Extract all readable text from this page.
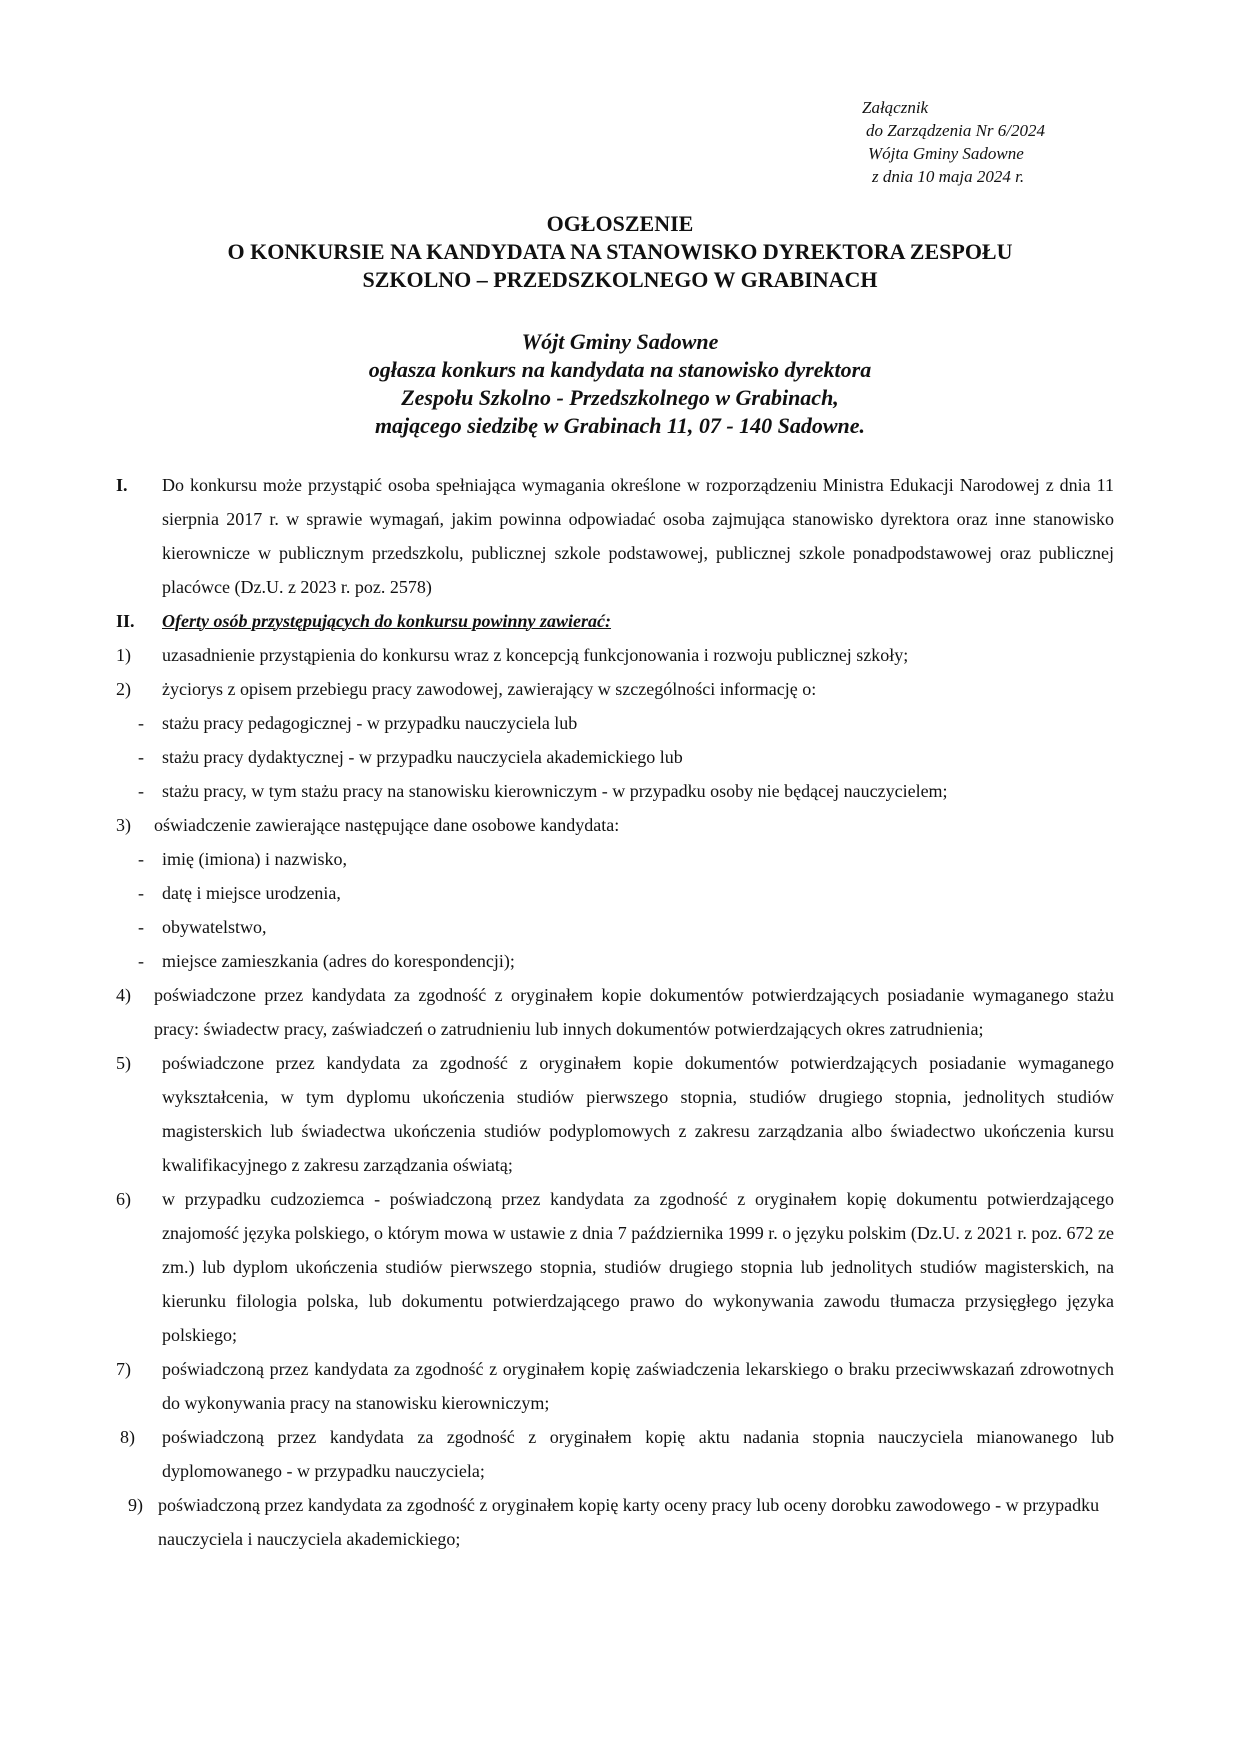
Załącznik
do Zarządzenia Nr 6/2024
Wójta Gminy Sadowne
z dnia 10 maja 2024 r.
OGŁOSZENIE
O KONKURSIE NA KANDYDATA NA STANOWISKO DYREKTORA ZESPOŁU
SZKOLNO – PRZEDSZKOLNEGO W GRABINACH
Wójt Gminy Sadowne
ogłasza konkurs na kandydata na stanowisko dyrektora
Zespołu Szkolno - Przedszkolnego w Grabinach,
mającego siedzibę w Grabinach 11, 07 - 140 Sadowne.
I.	Do konkursu może przystąpić osoba spełniająca wymagania określone w rozporządzeniu Ministra Edukacji Narodowej z dnia 11 sierpnia 2017 r. w sprawie wymagań, jakim powinna odpowiadać osoba zajmująca stanowisko dyrektora oraz inne stanowisko kierownicze w publicznym przedszkolu, publicznej szkole podstawowej, publicznej szkole ponadpodstawowej oraz publicznej placówce (Dz.U. z 2023 r. poz. 2578)
II.	Oferty osób przystępujących do konkursu powinny zawierać:
1)	uzasadnienie przystąpienia do konkursu wraz z koncepcją funkcjonowania i rozwoju publicznej szkoły;
2)	życiorys z opisem przebiegu pracy zawodowej, zawierający w szczególności informację o:
-	stażu pracy pedagogicznej - w przypadku nauczyciela lub
-	stażu pracy dydaktycznej - w przypadku nauczyciela akademickiego lub
-	stażu pracy, w tym stażu pracy na stanowisku kierowniczym - w przypadku osoby nie będącej nauczycielem;
3)	oświadczenie zawierające następujące dane osobowe kandydata:
-	imię (imiona) i nazwisko,
-	datę i miejsce urodzenia,
-	obywatelstwo,
-	miejsce zamieszkania (adres do korespondencji);
4)	poświadczone przez kandydata za zgodność z oryginałem kopie dokumentów potwierdzających posiadanie wymaganego stażu pracy: świadectw pracy, zaświadczeń o zatrudnieniu lub innych dokumentów potwierdzających okres zatrudnienia;
5)	poświadczone przez kandydata za zgodność z oryginałem kopie dokumentów potwierdzających posiadanie wymaganego wykształcenia, w tym dyplomu ukończenia studiów pierwszego stopnia, studiów drugiego stopnia, jednolitych studiów magisterskich lub świadectwa ukończenia studiów podyplomowych z zakresu zarządzania albo świadectwo ukończenia kursu kwalifikacyjnego z zakresu zarządzania oświatą;
6)	w przypadku cudzoziemca - poświadczoną przez kandydata za zgodność z oryginałem kopię dokumentu potwierdzającego znajomość języka polskiego, o którym mowa w ustawie z dnia 7 października 1999 r. o języku polskim (Dz.U. z 2021 r. poz. 672 ze zm.) lub dyplom ukończenia studiów pierwszego stopnia, studiów drugiego stopnia lub jednolitych studiów magisterskich, na kierunku filologia polska, lub dokumentu potwierdzającego prawo do wykonywania zawodu tłumacza przysięgłego języka polskiego;
7)	poświadczoną przez kandydata za zgodność z oryginałem kopię zaświadczenia lekarskiego o braku przeciwwskazań zdrowotnych do wykonywania pracy na stanowisku kierowniczym;
8)	poświadczoną przez kandydata za zgodność z oryginałem kopię aktu nadania stopnia nauczyciela mianowanego lub dyplomowanego - w przypadku nauczyciela;
9) poświadczoną przez kandydata za zgodność z oryginałem kopię karty oceny pracy lub oceny dorobku zawodowego - w przypadku nauczyciela i nauczyciela akademickiego;
